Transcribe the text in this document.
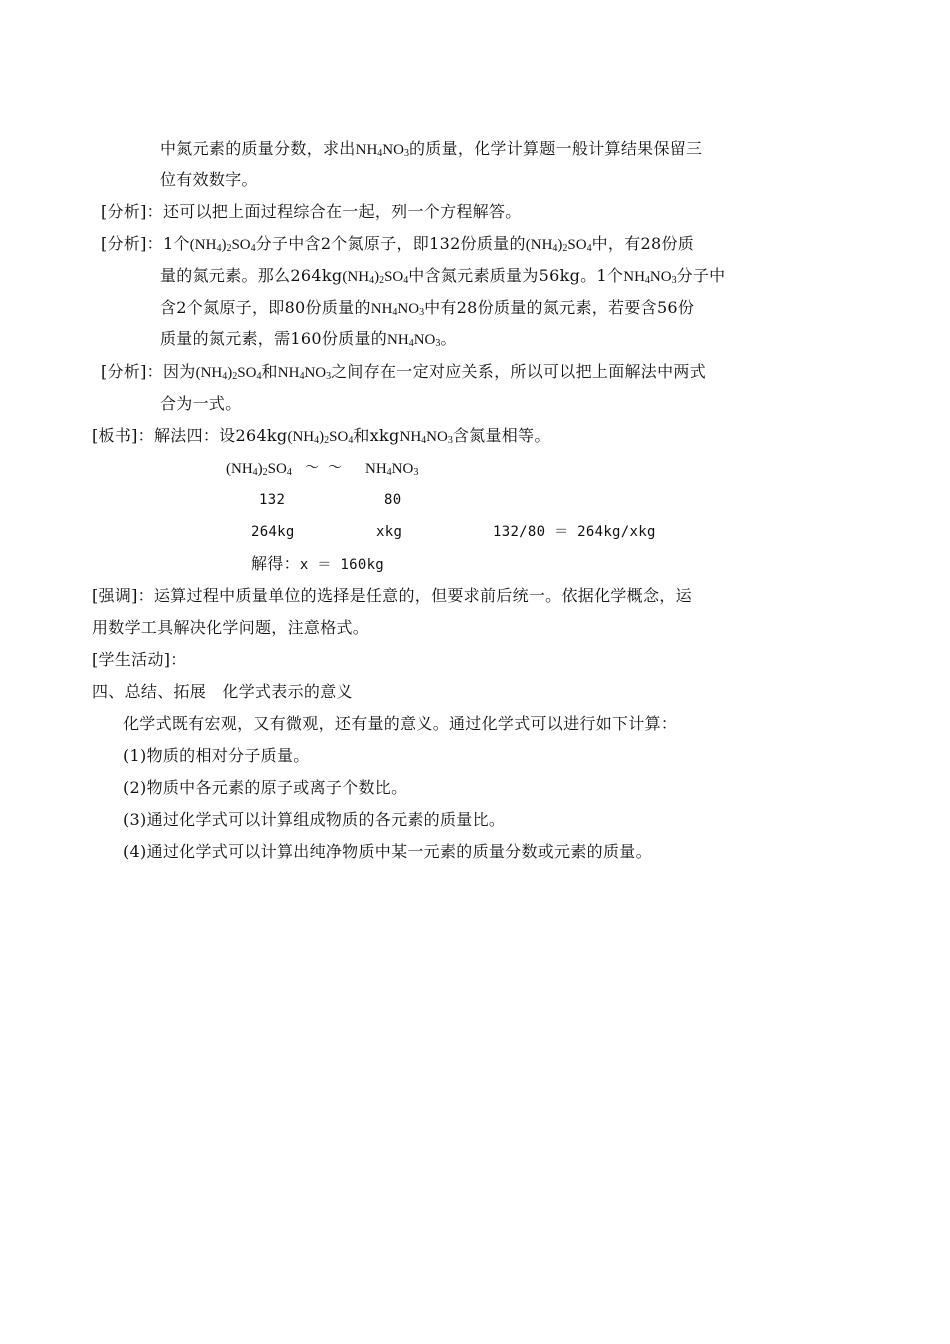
中氮元素的质量分数，求出$NH_4NO_3$的质量，化学计算题一般计算结果保留三
位有效数字。
[分析]：还可以把上面过程综合在一起，列一个方程解答。
[分析]：1个$(NH_4)_2SO_4$分子中含2个氮原子，即132份质量的$(NH_4)_2SO_4$中，有28份质
量的氮元素。那么$264kg(NH_4)_2SO_4$中含氮元素质量为56kg。1个$NH_4NO_3$分子中
含2个氮原子，即80份质量的$NH_4NO_3$中有28份质量的氮元素，若要含56份
质量的氮元素，需160份质量的$NH_4NO_3$。
[分析]：因为$(NH_4)_2SO_4$和$NH_4NO_3$之间存在一定对应关系，所以可以把上面解法中两式
合为一式。
[板书]：解法四：设$264kg(NH_4)_2SO_4$和$xkgNH_4NO_3$含氮量相等。
$(NH_4)_2SO_4$ ～ ～ $NH_4NO_3$
132	80
264kg	xkg	132/80 ＝ 264kg/xkg
解得：x ＝ 160kg
[强调]：运算过程中质量单位的选择是任意的，但要求前后统一。依据化学概念，运
用数学工具解决化学问题，注意格式。
[学生活动]：
四、总结、拓展　化学式表示的意义
化学式既有宏观，又有微观，还有量的意义。通过化学式可以进行如下计算：
(1)物质的相对分子质量。
(2)物质中各元素的原子或离子个数比。
(3)通过化学式可以计算组成物质的各元素的质量比。
(4)通过化学式可以计算出纯净物质中某一元素的质量分数或元素的质量。
